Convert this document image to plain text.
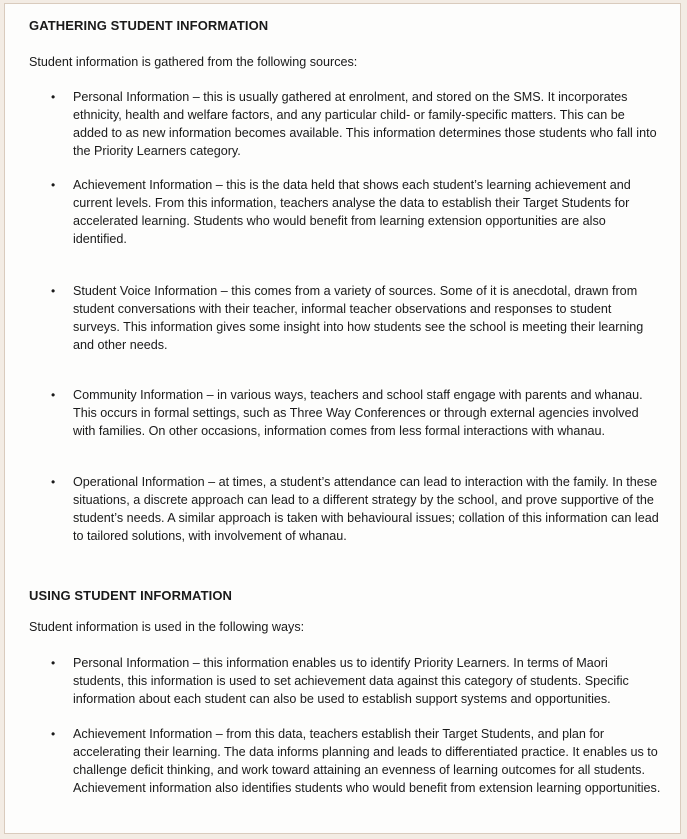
GATHERING STUDENT INFORMATION

Student information is gathered from the following sources:

• Personal Information – this is usually gathered at enrolment, and stored on the SMS. It incorporates ethnicity, health and welfare factors, and any particular child- or family-specific matters. This can be added to as new information becomes available. This information determines those students who fall into the Priority Learners category.
• Achievement Information – this is the data held that shows each student’s learning achievement and current levels. From this information, teachers analyse the data to establish their Target Students for accelerated learning. Students who would benefit from learning extension opportunities are also identified.
• Student Voice Information – this comes from a variety of sources. Some of it is anecdotal, drawn from student conversations with their teacher, informal teacher observations and responses to student surveys. This information gives some insight into how students see the school is meeting their learning and other needs.
• Community Information – in various ways, teachers and school staff engage with parents and whanau. This occurs in formal settings, such as Three Way Conferences or through external agencies involved with families. On other occasions, information comes from less formal interactions with whanau.
• Operational Information – at times, a student’s attendance can lead to interaction with the family. In these situations, a discrete approach can lead to a different strategy by the school, and prove supportive of the student’s needs. A similar approach is taken with behavioural issues; collation of this information can lead to tailored solutions, with involvement of whanau.
USING STUDENT INFORMATION

Student information is used in the following ways:

• Personal Information – this information enables us to identify Priority Learners. In terms of Maori students, this information is used to set achievement data against this category of students. Specific information about each student can also be used to establish support systems and opportunities.
• Achievement Information – from this data, teachers establish their Target Students, and plan for accelerating their learning. The data informs planning and leads to differentiated practice. It enables us to challenge deficit thinking, and work toward attaining an evenness of learning outcomes for all students. Achievement information also identifies students who would benefit from extension learning opportunities.
